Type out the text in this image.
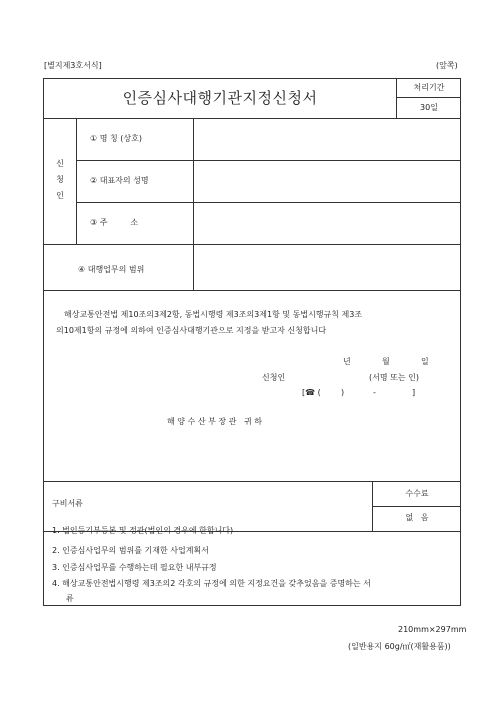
[별지제3호서식]	(앞쪽)
인증심사대행기관지정신청서
처리기간
30일
신
청
인
① 명 칭 (상호)
② 대표자의 성명
③ 주         소
④ 대행업무의 범위
해상교통안전법 제10조의3제2항, 동법시행령 제3조의3제1항 및 동법시행규칙 제3조
의10제1항의 규정에 의하여 인증심사대행기관으로 지정을 받고자 신청합니다
년	월	일
신청인	(서명 또는 인)
[☎ (	)	-	]
해 양 수 산 부 장 관   귀 하
구비서류
수수료
없   음
1. 법인등기부등본 및 정관(법인의 경우에 한합니다)
2. 인증심사업무의 범위를 기재한 사업계획서
3. 인증심사업무를 수행하는데 필요한 내부규정
4. 해상교통안전법시행령 제3조의2 각호의 규정에 의한 지정요건을 갖추었음을 증명하는 서
류
210mm×297mm
(일반용지 60g/㎡(재활용품))
